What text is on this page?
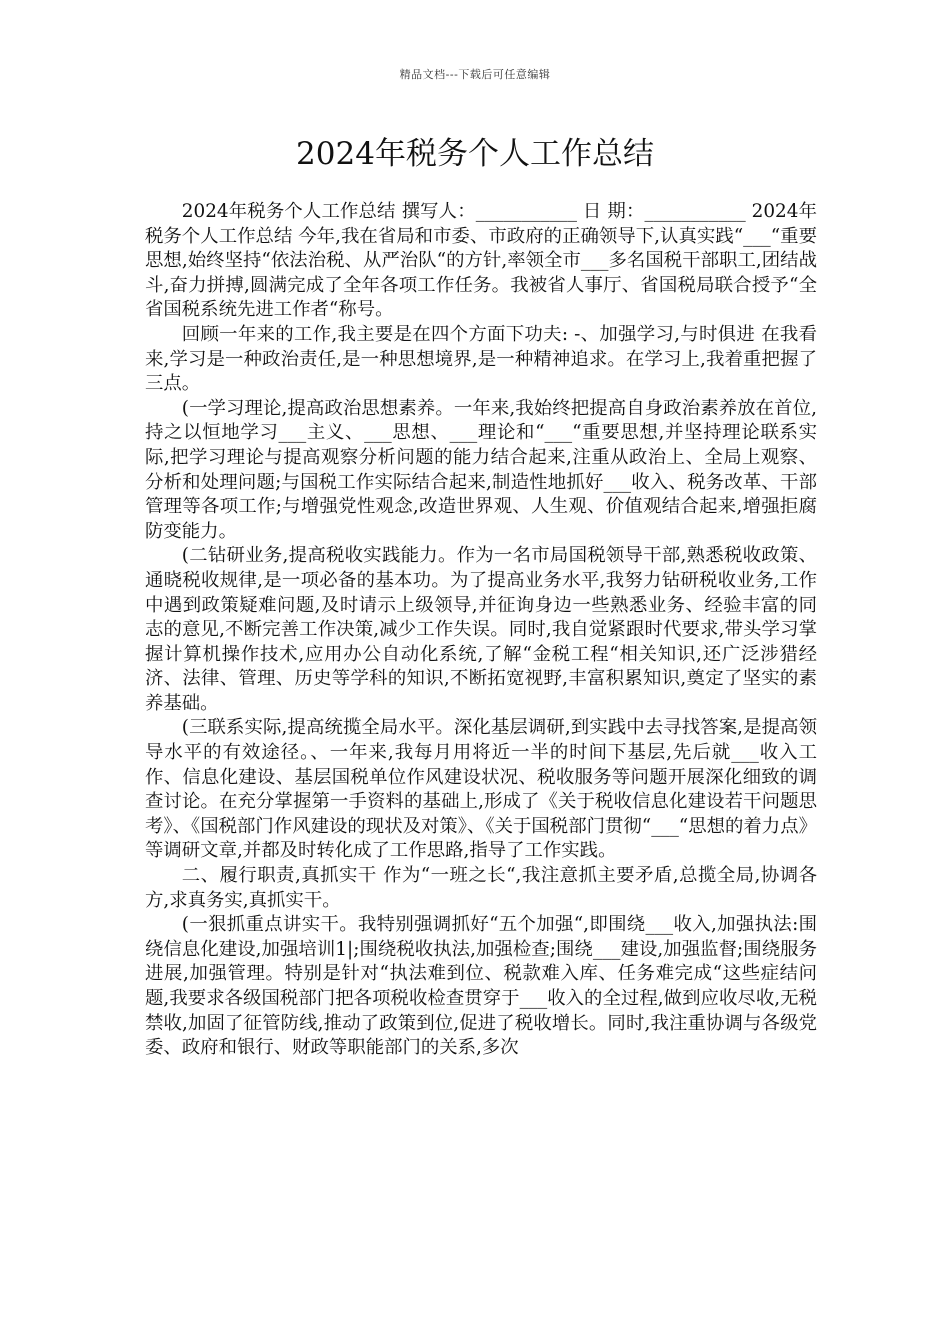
精品文档---下载后可任意编辑
2024年税务个人工作总结

2024年税务个人工作总结 撰写人：___________ 日 期：___________ 2024年税务个人工作总结 今年,我在省局和市委、市政府的正确领导下,认真实践“___“重要思想,始终坚持“依法治税、从严治队“的方针,率领全市___多名国税干部职工,团结战斗,奋力拼搏,圆满完成了全年各项工作任务。我被省人事厅、省国税局联合授予“全省国税系统先进工作者“称号。

回顾一年来的工作,我主要是在四个方面下功夫: -、加强学习,与时俱进 在我看来,学习是一种政治责任,是一种思想境界,是一种精神追求。在学习上,我着重把握了三点。

(一学习理论,提高政治思想素养。一年来,我始终把提高自身政治素养放在首位,持之以恒地学习___主义、___思想、___理论和“___“重要思想,并坚持理论联系实际,把学习理论与提高观察分析问题的能力结合起来,注重从政治上、全局上观察、分析和处理问题;与国税工作实际结合起来,制造性地抓好___收入、税务改革、干部管理等各项工作;与增强党性观念,改造世界观、人生观、价值观结合起来,增强拒腐防变能力。

(二钻研业务,提高税收实践能力。作为一名市局国税领导干部,熟悉税收政策、通晓税收规律,是一项必备的基本功。为了提高业务水平,我努力钻研税收业务,工作中遇到政策疑难问题,及时请示上级领导,并征询身边一些熟悉业务、经验丰富的同志的意见,不断完善工作决策,减少工作失误。同时,我自觉紧跟时代要求,带头学习掌握计算机操作技术,应用办公自动化系统,了解“金税工程“相关知识,还广泛涉猎经济、法律、管理、历史等学科的知识,不断拓宽视野,丰富积累知识,奠定了坚实的素养基础。

(三联系实际,提高统揽全局水平。深化基层调研,到实践中去寻找答案,是提高领导水平的有效途径。、一年来,我每月用将近一半的时间下基层,先后就___收入工作、信息化建设、基层国税单位作风建设状况、税收服务等问题开展深化细致的调查讨论。在充分掌握第一手资料的基础上,形成了《关于税收信息化建设若干问题思考》、《国税部门作风建设的现状及对策》、《关于国税部门贯彻“___“思想的着力点》等调研文章,并都及时转化成了工作思路,指导了工作实践。

二、履行职责,真抓实干 作为“一班之长“,我注意抓主要矛盾,总揽全局,协调各方,求真务实,真抓实干。

(一狠抓重点讲实干。我特别强调抓好“五个加强“,即围绕___收入,加强执法:围绕信息化建设,加强培训1|;围绕税收执法,加强检查;围绕___建设,加强监督;围绕服务进展,加强管理。特别是针对“执法难到位、税款难入库、任务难完成“这些症结问题,我要求各级国税部门把各项税收检查贯穿于___收入的全过程,做到应收尽收,无税禁收,加固了征管防线,推动了政策到位,促进了税收增长。同时,我注重协调与各级党委、政府和银行、财政等职能部门的关系,多次
